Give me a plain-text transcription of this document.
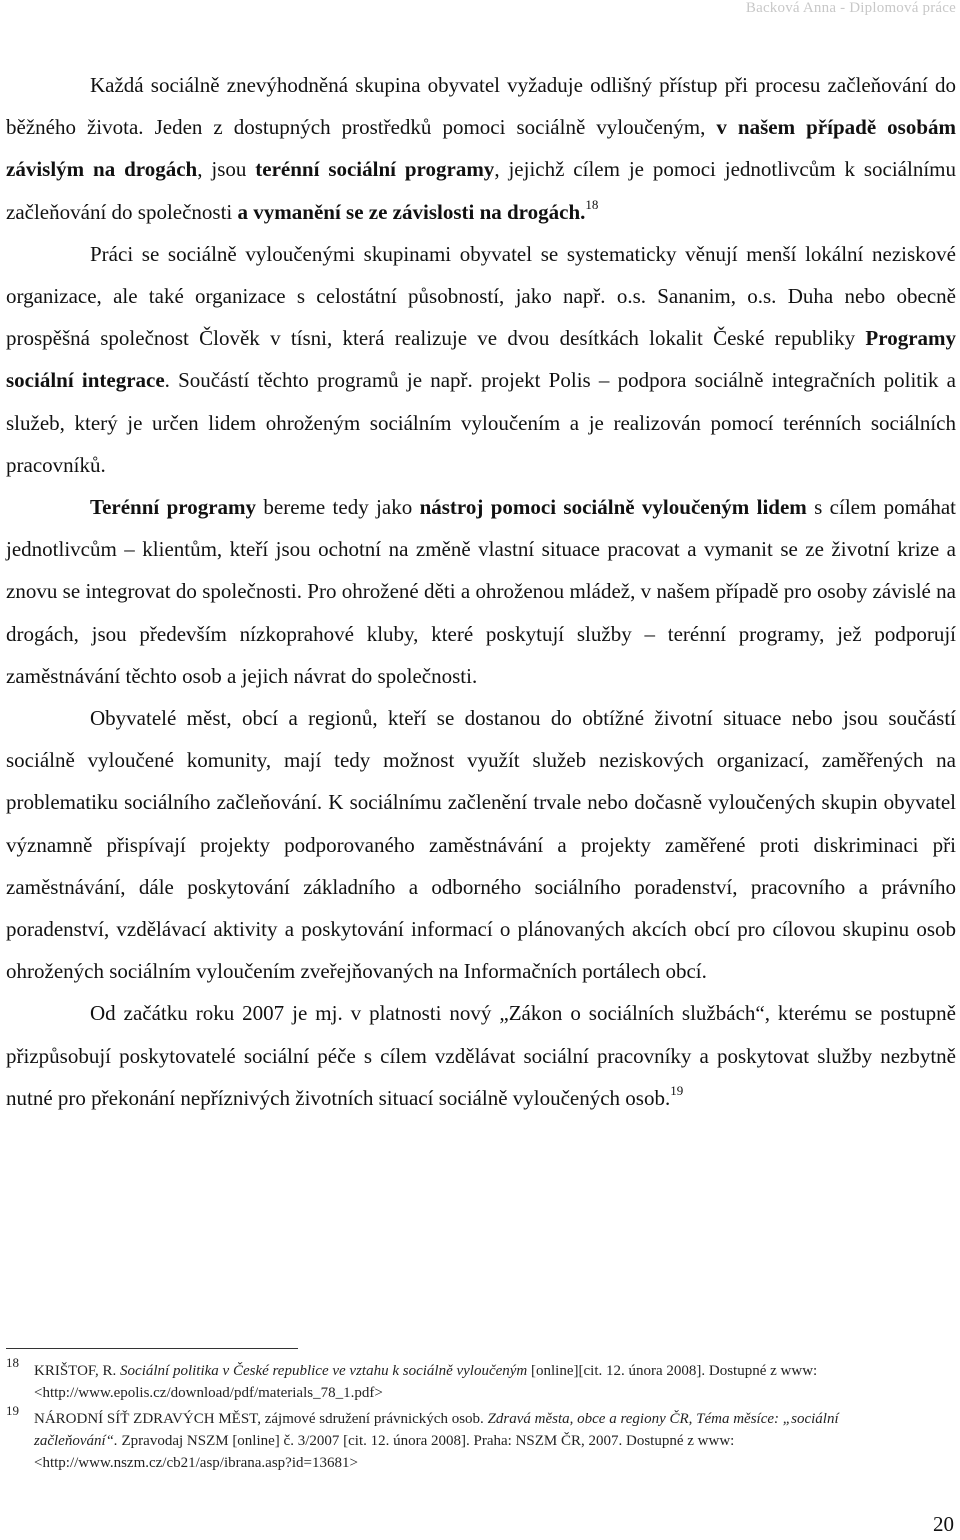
Backová Anna - Diplomová práce

Každá sociálně znevýhodněná skupina obyvatel vyžaduje odlišný přístup při procesu začleňování do běžného života. Jeden z dostupných prostředků pomoci sociálně vyloučeným, v našem případě osobám závislým na drogách, jsou terénní sociální programy, jejichž cílem je pomoci jednotlivcům k sociálnímu začleňování do společnosti a vymanění se ze závislosti na drogách.$^{18}$

Práci se sociálně vyloučenými skupinami obyvatel se systematicky věnují menší lokální neziskové organizace, ale také organizace s celostátní působností, jako např. o.s. Sananim, o.s. Duha nebo obecně prospěšná společnost Člověk v tísni, která realizuje ve dvou desítkách lokalit České republiky Programy sociální integrace. Součástí těchto programů je např. projekt Polis – podpora sociálně integračních politik a služeb, který je určen lidem ohroženým sociálním vyloučením a je realizován pomocí terénních sociálních pracovníků.

Terénní programy bereme tedy jako nástroj pomoci sociálně vyloučeným lidem s cílem pomáhat jednotlivcům – klientům, kteří jsou ochotní na změně vlastní situace pracovat a vymanit se ze životní krize a znovu se integrovat do společnosti. Pro ohrožené děti a ohroženou mládež, v našem případě pro osoby závislé na drogách, jsou především nízkoprahové kluby, které poskytují služby – terénní programy, jež podporují zaměstnávání těchto osob a jejich návrat do společnosti.

Obyvatelé měst, obcí a regionů, kteří se dostanou do obtížné životní situace nebo jsou součástí sociálně vyloučené komunity, mají tedy možnost využít služeb neziskových organizací, zaměřených na problematiku sociálního začleňování. K sociálnímu začlenění trvale nebo dočasně vyloučených skupin obyvatel významně přispívají projekty podporovaného zaměstnávání a projekty zaměřené proti diskriminaci při zaměstnávání, dále poskytování základního a odborného sociálního poradenství, pracovního a právního poradenství, vzdělávací aktivity a poskytování informací o plánovaných akcích obcí pro cílovou skupinu osob ohrožených sociálním vyloučením zveřejňovaných na Informačních portálech obcí.

Od začátku roku 2007 je mj. v platnosti nový „Zákon o sociálních službách“, kterému se postupně přizpůsobují poskytovatelé sociální péče s cílem vzdělávat sociální pracovníky a poskytovat služby nezbytně nutné pro překonání nepříznivých životních situací sociálně vyloučených osob.$^{19}$

18
KRIŠTOF, R. Sociální politika v České republice ve vztahu k sociálně vyloučeným [online][cit. 12. února 2008]. Dostupné z www: <http://www.epolis.cz/download/pdf/materials_78_1.pdf>
19
NÁRODNÍ SÍŤ ZDRAVÝCH MĚST, zájmové sdružení právnických osob. Zdravá města, obce a regiony ČR, Téma měsíce: „sociální začleňování“. Zpravodaj NSZM [online] č. 3/2007 [cit. 12. února 2008]. Praha: NSZM ČR, 2007. Dostupné z www: <http://www.nszm.cz/cb21/asp/ibrana.asp?id=13681>
20
